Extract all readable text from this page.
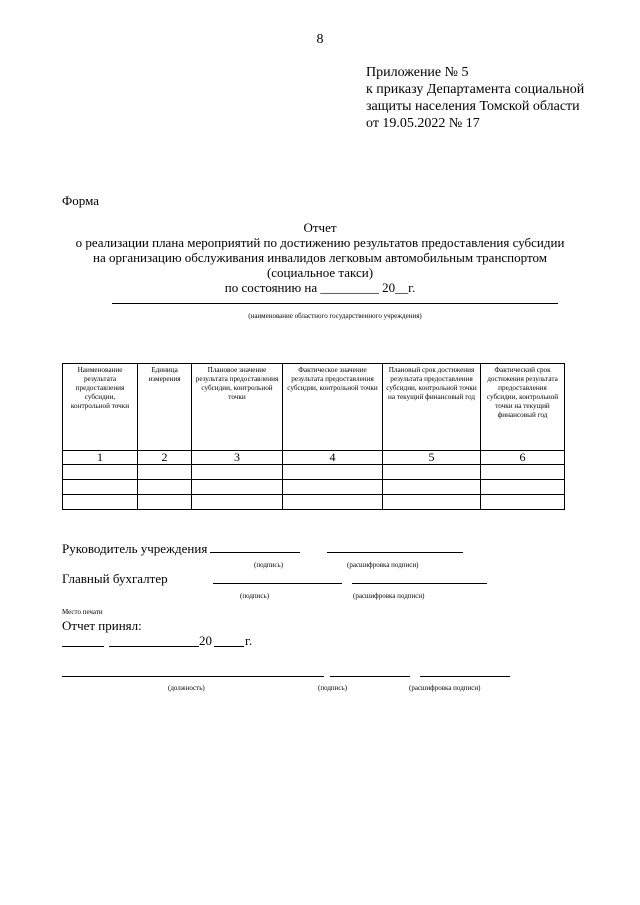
8
Приложение № 5
к приказу Департамента социальной
защиты населения Томской области
от 19.05.2022 № 17
Форма
Отчет
о реализации плана мероприятий по достижению результатов предоставления субсидии
на организацию обслуживания инвалидов легковым автомобильным транспортом
(социальное такси)
по состоянию на _________ 20__г.
(наименование областного государственного учреждения)
Наименование результата предоставления субсидии, контрольной точки	Единица измерения	Плановое значение результата предоставления субсидии, контрольной точки	Фактическое значение результата предоставления субсидии, контрольной точки	Плановый срок достижения результата предоставления субсидии, контрольной точки на текущий финансовый год	Фактический срок достижения результата предоставления субсидии, контрольной точки на текущий финансовый год
1	2	3	4	5	6

Руководитель учреждения
(подпись)	(расшифровка подписи)
Главный бухгалтер
(подпись)	(расшифровка подписи)
Место печати
Отчет принял:
20	г.
(должность)	(подпись)	(расшифровка подписи)
